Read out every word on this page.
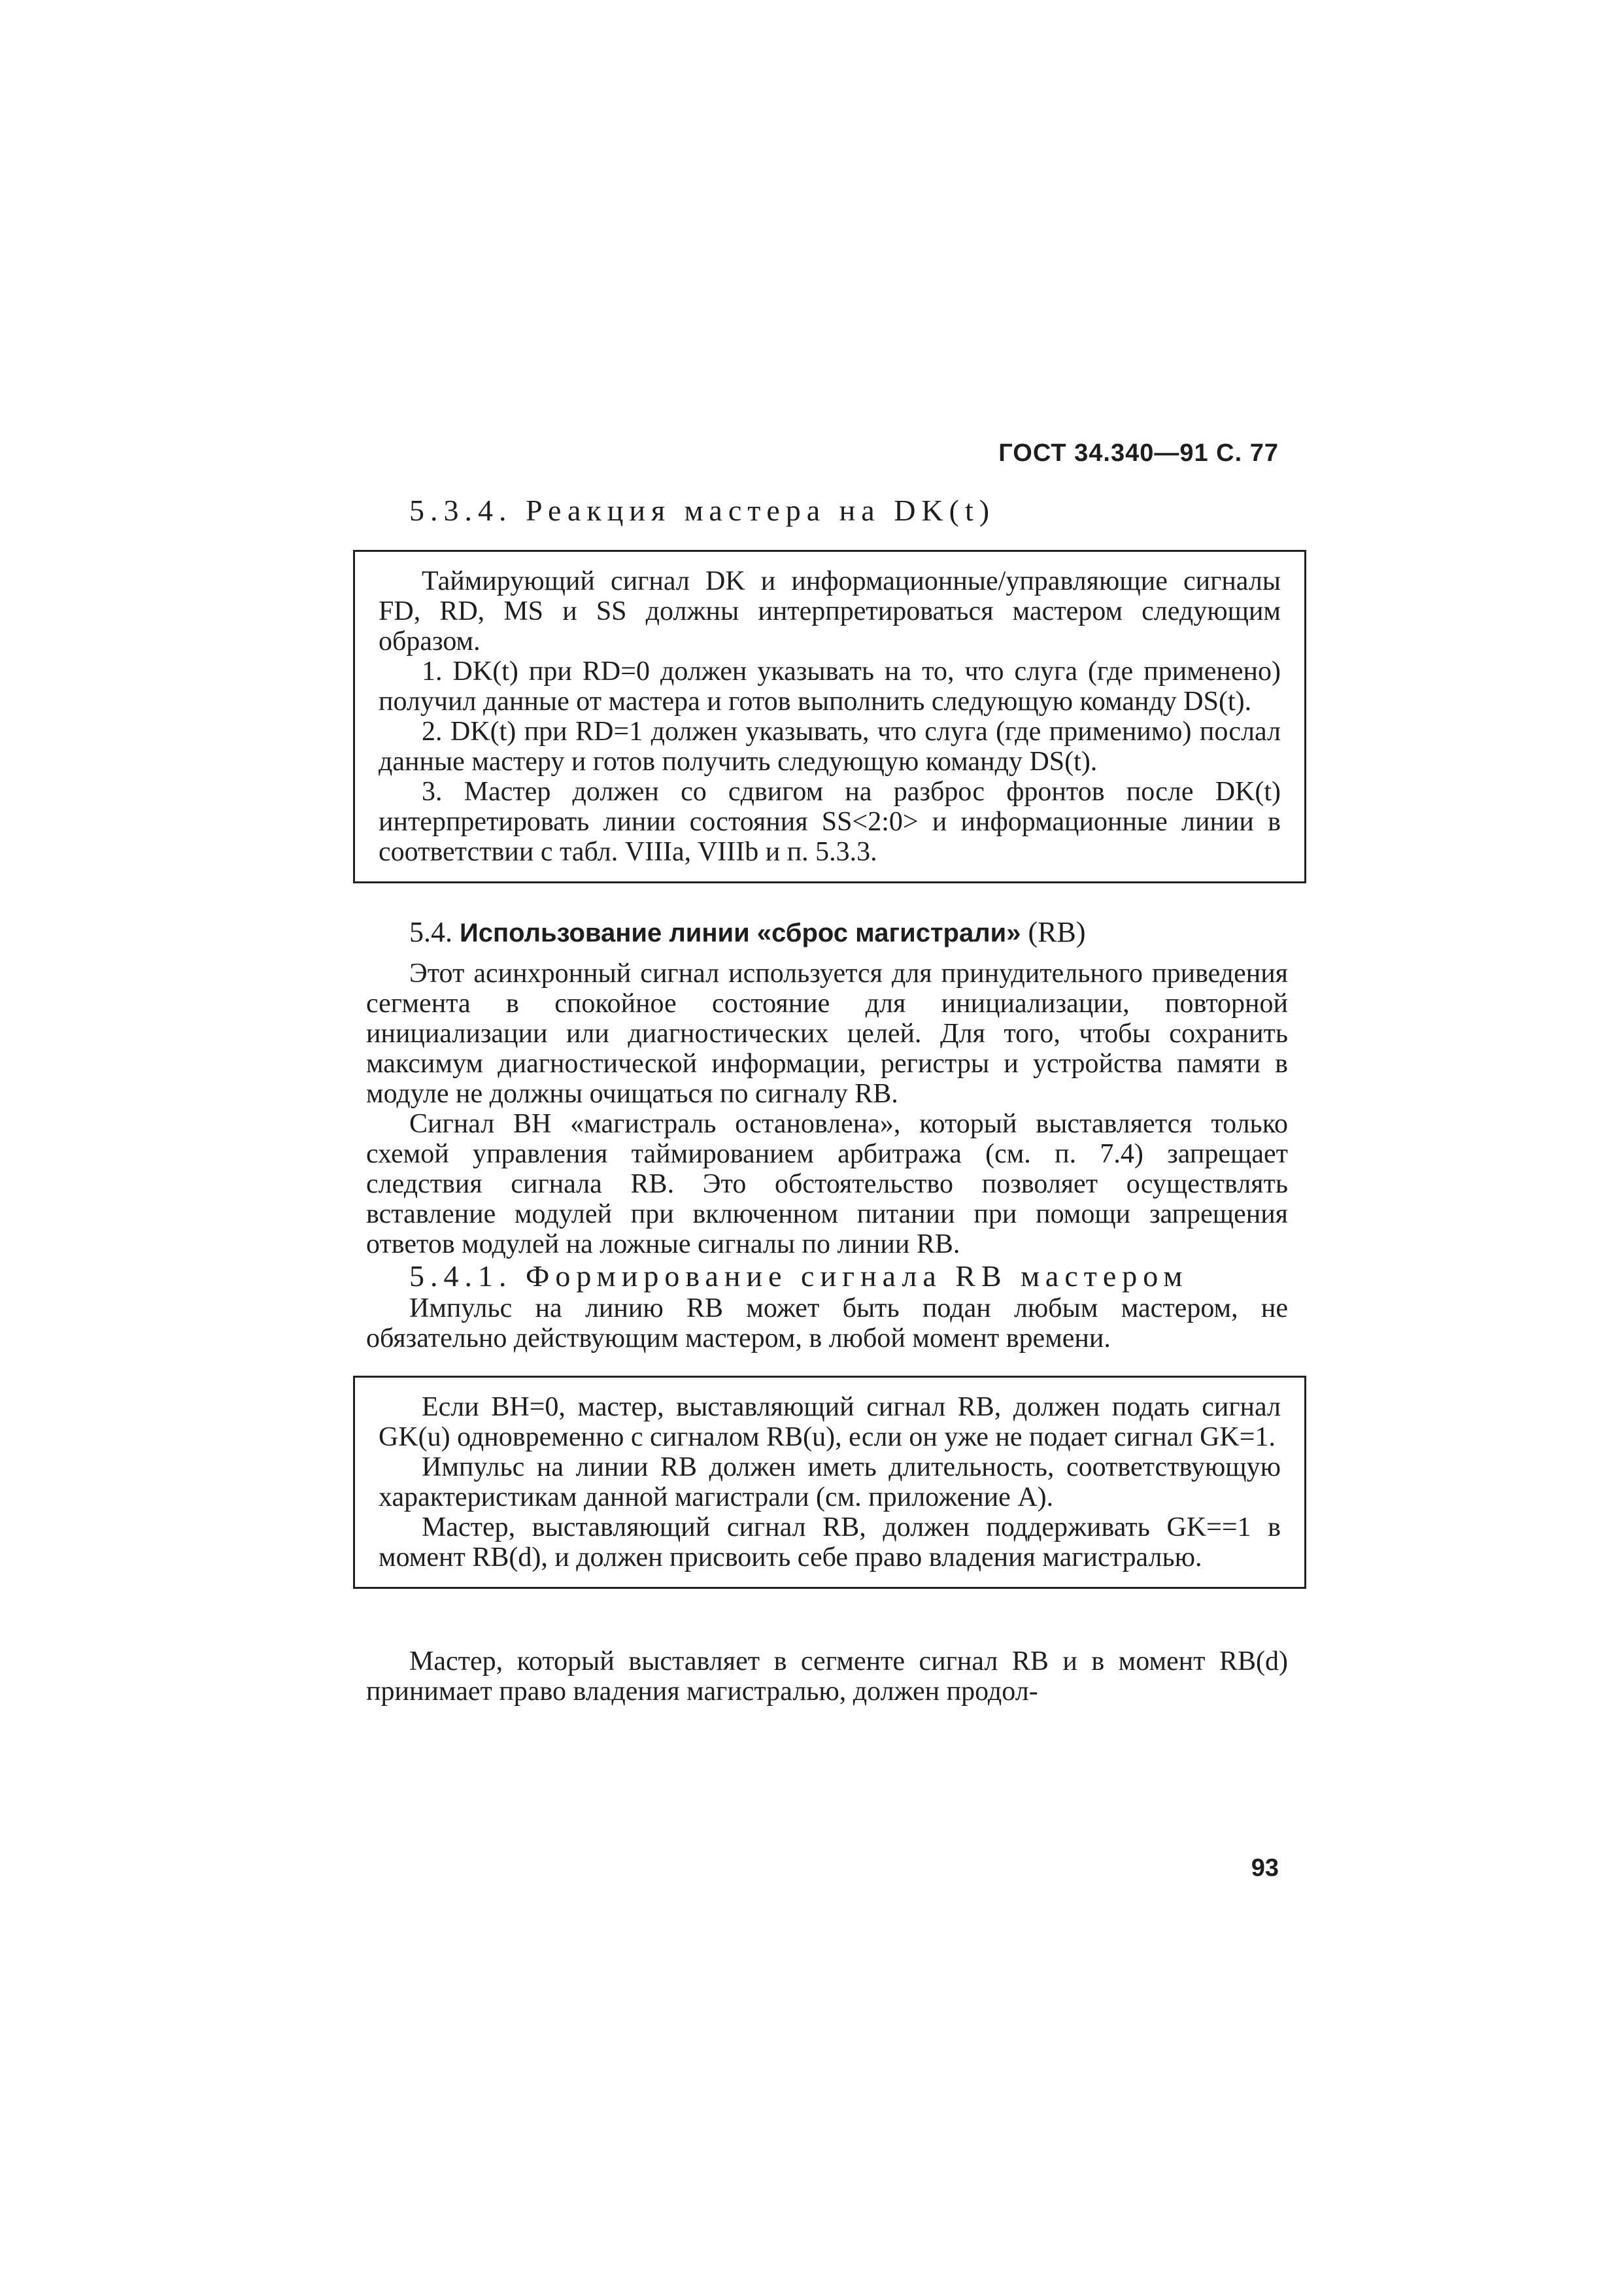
ГОСТ 34.340—91 С. 77

5.3.4. Реакция мастера на DK(t)

Таймирующий сигнал DK и информационные/управляющие сигналы FD, RD, MS и SS должны интерпретироваться мастером следующим образом.

1. DK(t) при RD=0 должен указывать на то, что слуга (где применено) получил данные от мастера и готов выполнить следующую команду DS(t).

2. DK(t) при RD=1 должен указывать, что слуга (где применимо) послал данные мастеру и готов получить следующую команду DS(t).

3. Мастер должен со сдвигом на разброс фронтов после DK(t) интерпретировать линии состояния SS<2:0> и информационные линии в соответствии с табл. VIIIa, VIIIb и п. 5.3.3.

5.4. Использование линии «сброс магистрали» (RB)

Этот асинхронный сигнал используется для принудительного приведения сегмента в спокойное состояние для инициализации, повторной инициализации или диагностических целей. Для того, чтобы сохранить максимум диагностической информации, регистры и устройства памяти в модуле не должны очищаться по сигналу RB.

Сигнал BH «магистраль остановлена», который выставляется только схемой управления таймированием арбитража (см. п. 7.4) запрещает следствия сигнала RB. Это обстоятельство позволяет осуществлять вставление модулей при включенном питании при помощи запрещения ответов модулей на ложные сигналы по линии RB.

5.4.1. Формирование сигнала RB мастером

Импульс на линию RB может быть подан любым мастером, не обязательно действующим мастером, в любой момент времени.

Если BH=0, мастер, выставляющий сигнал RB, должен подать сигнал GK(u) одновременно с сигналом RB(u), если он уже не подает сигнал GK=1.

Импульс на линии RB должен иметь длительность, соответствующую характеристикам данной магистрали (см. приложение A).

Мастер, выставляющий сигнал RB, должен поддерживать GK==1 в момент RB(d), и должен присвоить себе право владения магистралью.

Мастер, который выставляет в сегменте сигнал RB и в момент RB(d) принимает право владения магистралью, должен продол-

93
